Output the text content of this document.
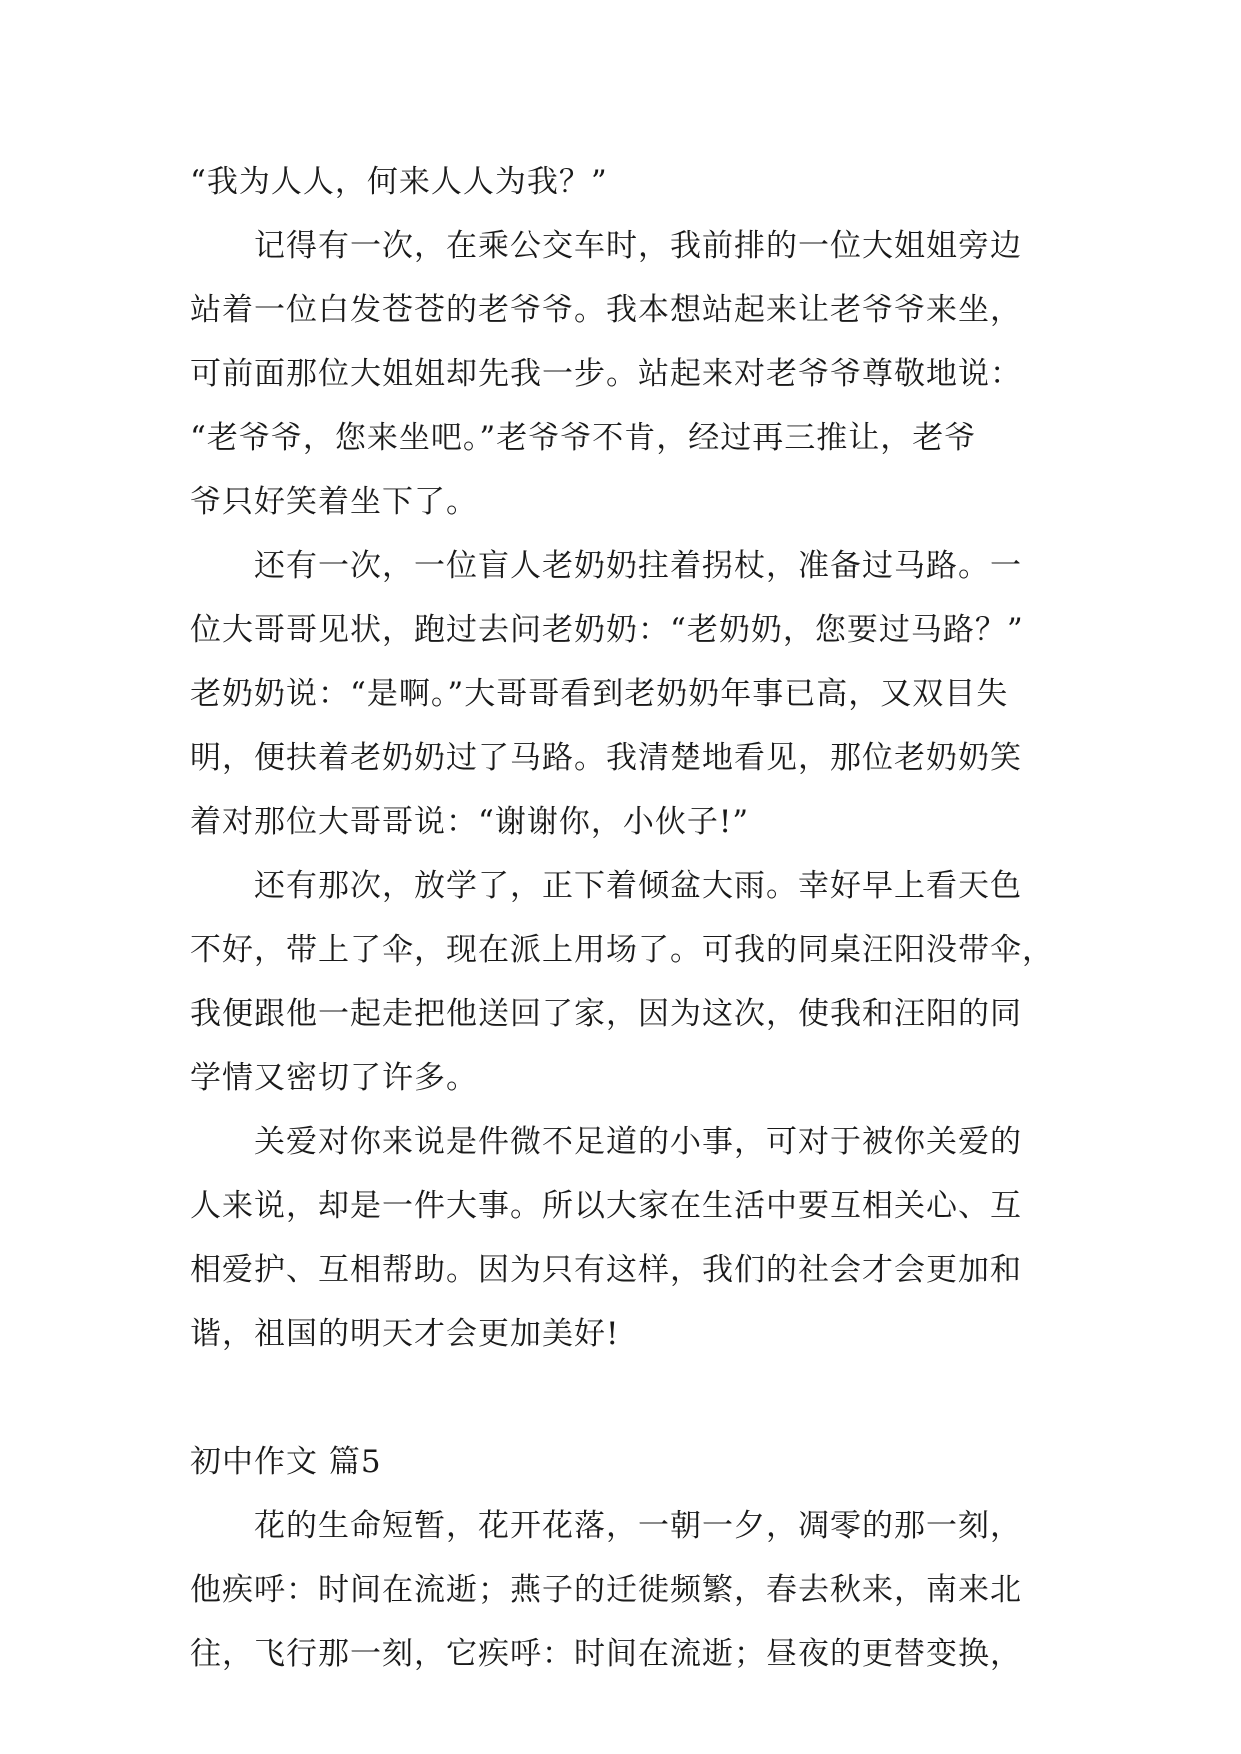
“我为人人，何来人人为我？”
记得有一次，在乘公交车时，我前排的一位大姐姐旁边
站着一位白发苍苍的老爷爷。我本想站起来让老爷爷来坐，
可前面那位大姐姐却先我一步。站起来对老爷爷尊敬地说：
“老爷爷，您来坐吧。”老爷爷不肯，经过再三推让，老爷
爷只好笑着坐下了。
还有一次，一位盲人老奶奶拄着拐杖，准备过马路。一
位大哥哥见状，跑过去问老奶奶：“老奶奶，您要过马路？”
老奶奶说：“是啊。”大哥哥看到老奶奶年事已高，又双目失
明，便扶着老奶奶过了马路。我清楚地看见，那位老奶奶笑
着对那位大哥哥说：“谢谢你，小伙子!”
还有那次，放学了，正下着倾盆大雨。幸好早上看天色
不好，带上了伞，现在派上用场了。可我的同桌汪阳没带伞，
我便跟他一起走把他送回了家，因为这次，使我和汪阳的同
学情又密切了许多。
关爱对你来说是件微不足道的小事，可对于被你关爱的
人来说，却是一件大事。所以大家在生活中要互相关心、互
相爱护、互相帮助。因为只有这样，我们的社会才会更加和
谐，祖国的明天才会更加美好!
初中作文 篇5
花的生命短暂，花开花落，一朝一夕，凋零的那一刻，
他疾呼：时间在流逝；燕子的迁徙频繁，春去秋来，南来北
往，飞行那一刻，它疾呼：时间在流逝；昼夜的更替变换，
